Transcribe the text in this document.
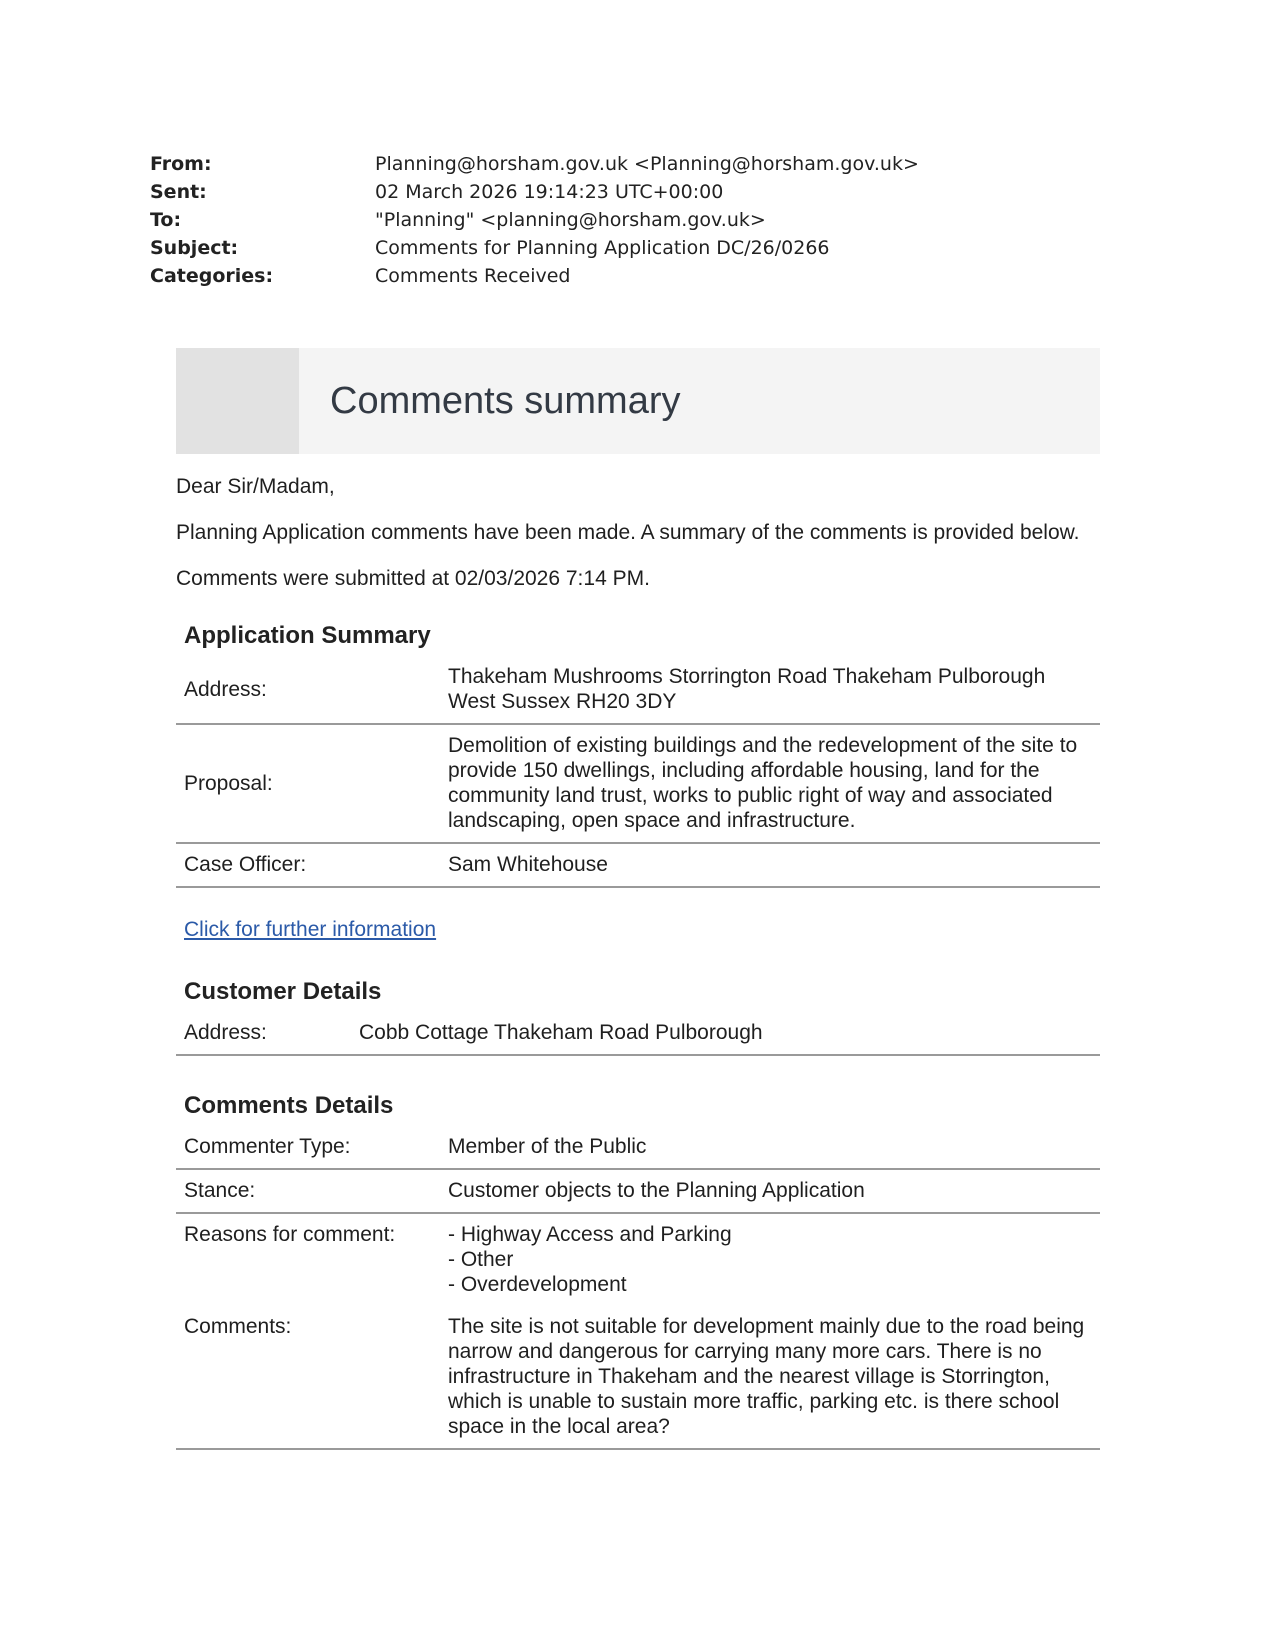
From:	Planning@horsham.gov.uk <Planning@horsham.gov.uk>
Sent:	02 March 2026 19:14:23 UTC+00:00
To:	"Planning" <planning@horsham.gov.uk>
Subject:	Comments for Planning Application DC/26/0266
Categories:	Comments Received
Comments summary

Dear Sir/Madam,

Planning Application comments have been made. A summary of the comments is provided below.

Comments were submitted at 02/03/2026 7:14 PM.

Application Summary
Address:	Thakeham Mushrooms Storrington Road Thakeham Pulborough West Sussex RH20 3DY
Proposal:	Demolition of existing buildings and the redevelopment of the site to provide 150 dwellings, including affordable housing, land for the community land trust, works to public right of way and associated landscaping, open space and infrastructure.
Case Officer:	Sam Whitehouse
Click for further information
Customer Details
Address:	Cobb Cottage Thakeham Road Pulborough
Comments Details
Commenter Type:	Member of the Public
Stance:	Customer objects to the Planning Application
Reasons for comment:	- Highway Access and Parking
- Other
- Overdevelopment

Comments:	The site is not suitable for development mainly due to the road being narrow and dangerous for carrying many more cars. There is no infrastructure in Thakeham and the nearest village is Storrington, which is unable to sustain more traffic, parking etc. is there school space in the local area?
